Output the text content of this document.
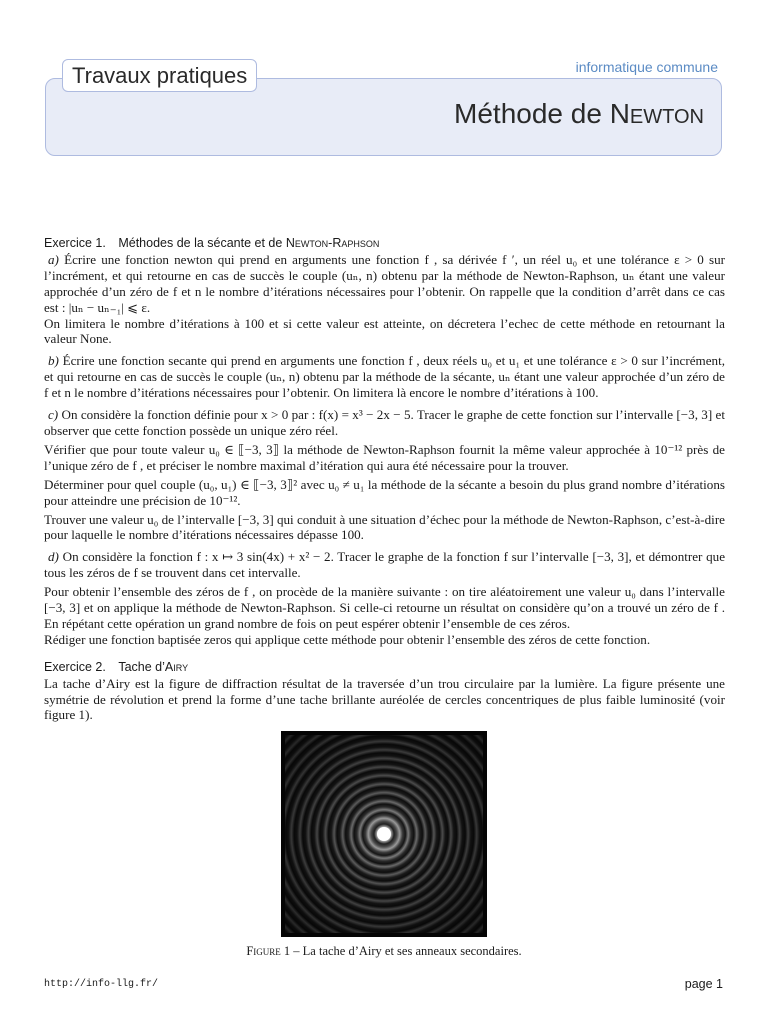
informatique commune
Travaux pratiques
Méthode de Newton

Exercice 1. Méthodes de la sécante et de Newton-Raphson

a) Écrire une fonction newton qui prend en arguments une fonction f , sa dérivée f ′, un réel u₀ et une tolérance ε > 0 sur l’incrément, et qui retourne en cas de succès le couple (uₙ, n) obtenu par la méthode de Newton-Raphson, uₙ étant une valeur approchée d’un zéro de f et n le nombre d’itérations nécessaires pour l’obtenir. On rappelle que la condition d’arrêt dans ce cas est : |uₙ − uₙ₋₁| ⩽ ε.

On limitera le nombre d’itérations à 100 et si cette valeur est atteinte, on décretera l’echec de cette méthode en retournant la valeur None.

b) Écrire une fonction secante qui prend en arguments une fonction f , deux réels u₀ et u₁ et une tolérance ε > 0 sur l’incrément, et qui retourne en cas de succès le couple (uₙ, n) obtenu par la méthode de la sécante, uₙ étant une valeur approchée d’un zéro de f et n le nombre d’itérations nécessaires pour l’obtenir. On limitera là encore le nombre d’itérations à 100.

c) On considère la fonction définie pour x > 0 par : f(x) = x³ − 2x − 5. Tracer le graphe de cette fonction sur l’intervalle [−3, 3] et observer que cette fonction possède un unique zéro réel.

Vérifier que pour toute valeur u₀ ∈ ⟦−3, 3⟧ la méthode de Newton-Raphson fournit la même valeur approchée à 10⁻¹² près de l’unique zéro de f , et préciser le nombre maximal d’itération qui aura été nécessaire pour la trouver.

Déterminer pour quel couple (u₀, u₁) ∈ ⟦−3, 3⟧² avec u₀ ≠ u₁ la méthode de la sécante a besoin du plus grand nombre d’itérations pour atteindre une précision de 10⁻¹².

Trouver une valeur u₀ de l’intervalle [−3, 3] qui conduit à une situation d’échec pour la méthode de Newton-Raphson, c’est-à-dire pour laquelle le nombre d’itérations nécessaires dépasse 100.

d) On considère la fonction f : x ↦ 3 sin(4x) + x² − 2. Tracer le graphe de la fonction f sur l’intervalle [−3, 3], et démontrer que tous les zéros de f se trouvent dans cet intervalle.

Pour obtenir l’ensemble des zéros de f , on procède de la manière suivante : on tire aléatoirement une valeur u₀ dans l’intervalle [−3, 3] et on applique la méthode de Newton-Raphson. Si celle-ci retourne un résultat on considère qu’on a trouvé un zéro de f . En répétant cette opération un grand nombre de fois on peut espérer obtenir l’ensemble de ces zéros.

Rédiger une fonction baptisée zeros qui applique cette méthode pour obtenir l’ensemble des zéros de cette fonction.

Exercice 2. Tache d’Airy

La tache d’Airy est la figure de diffraction résultat de la traversée d’un trou circulaire par la lumière. La figure présente une symétrie de révolution et prend la forme d’une tache brillante auréolée de cercles concentriques de plus faible luminosité (voir figure 1).

Figure 1 – La tache d’Airy et ses anneaux secondaires.
http://info-llg.fr/	page 1
